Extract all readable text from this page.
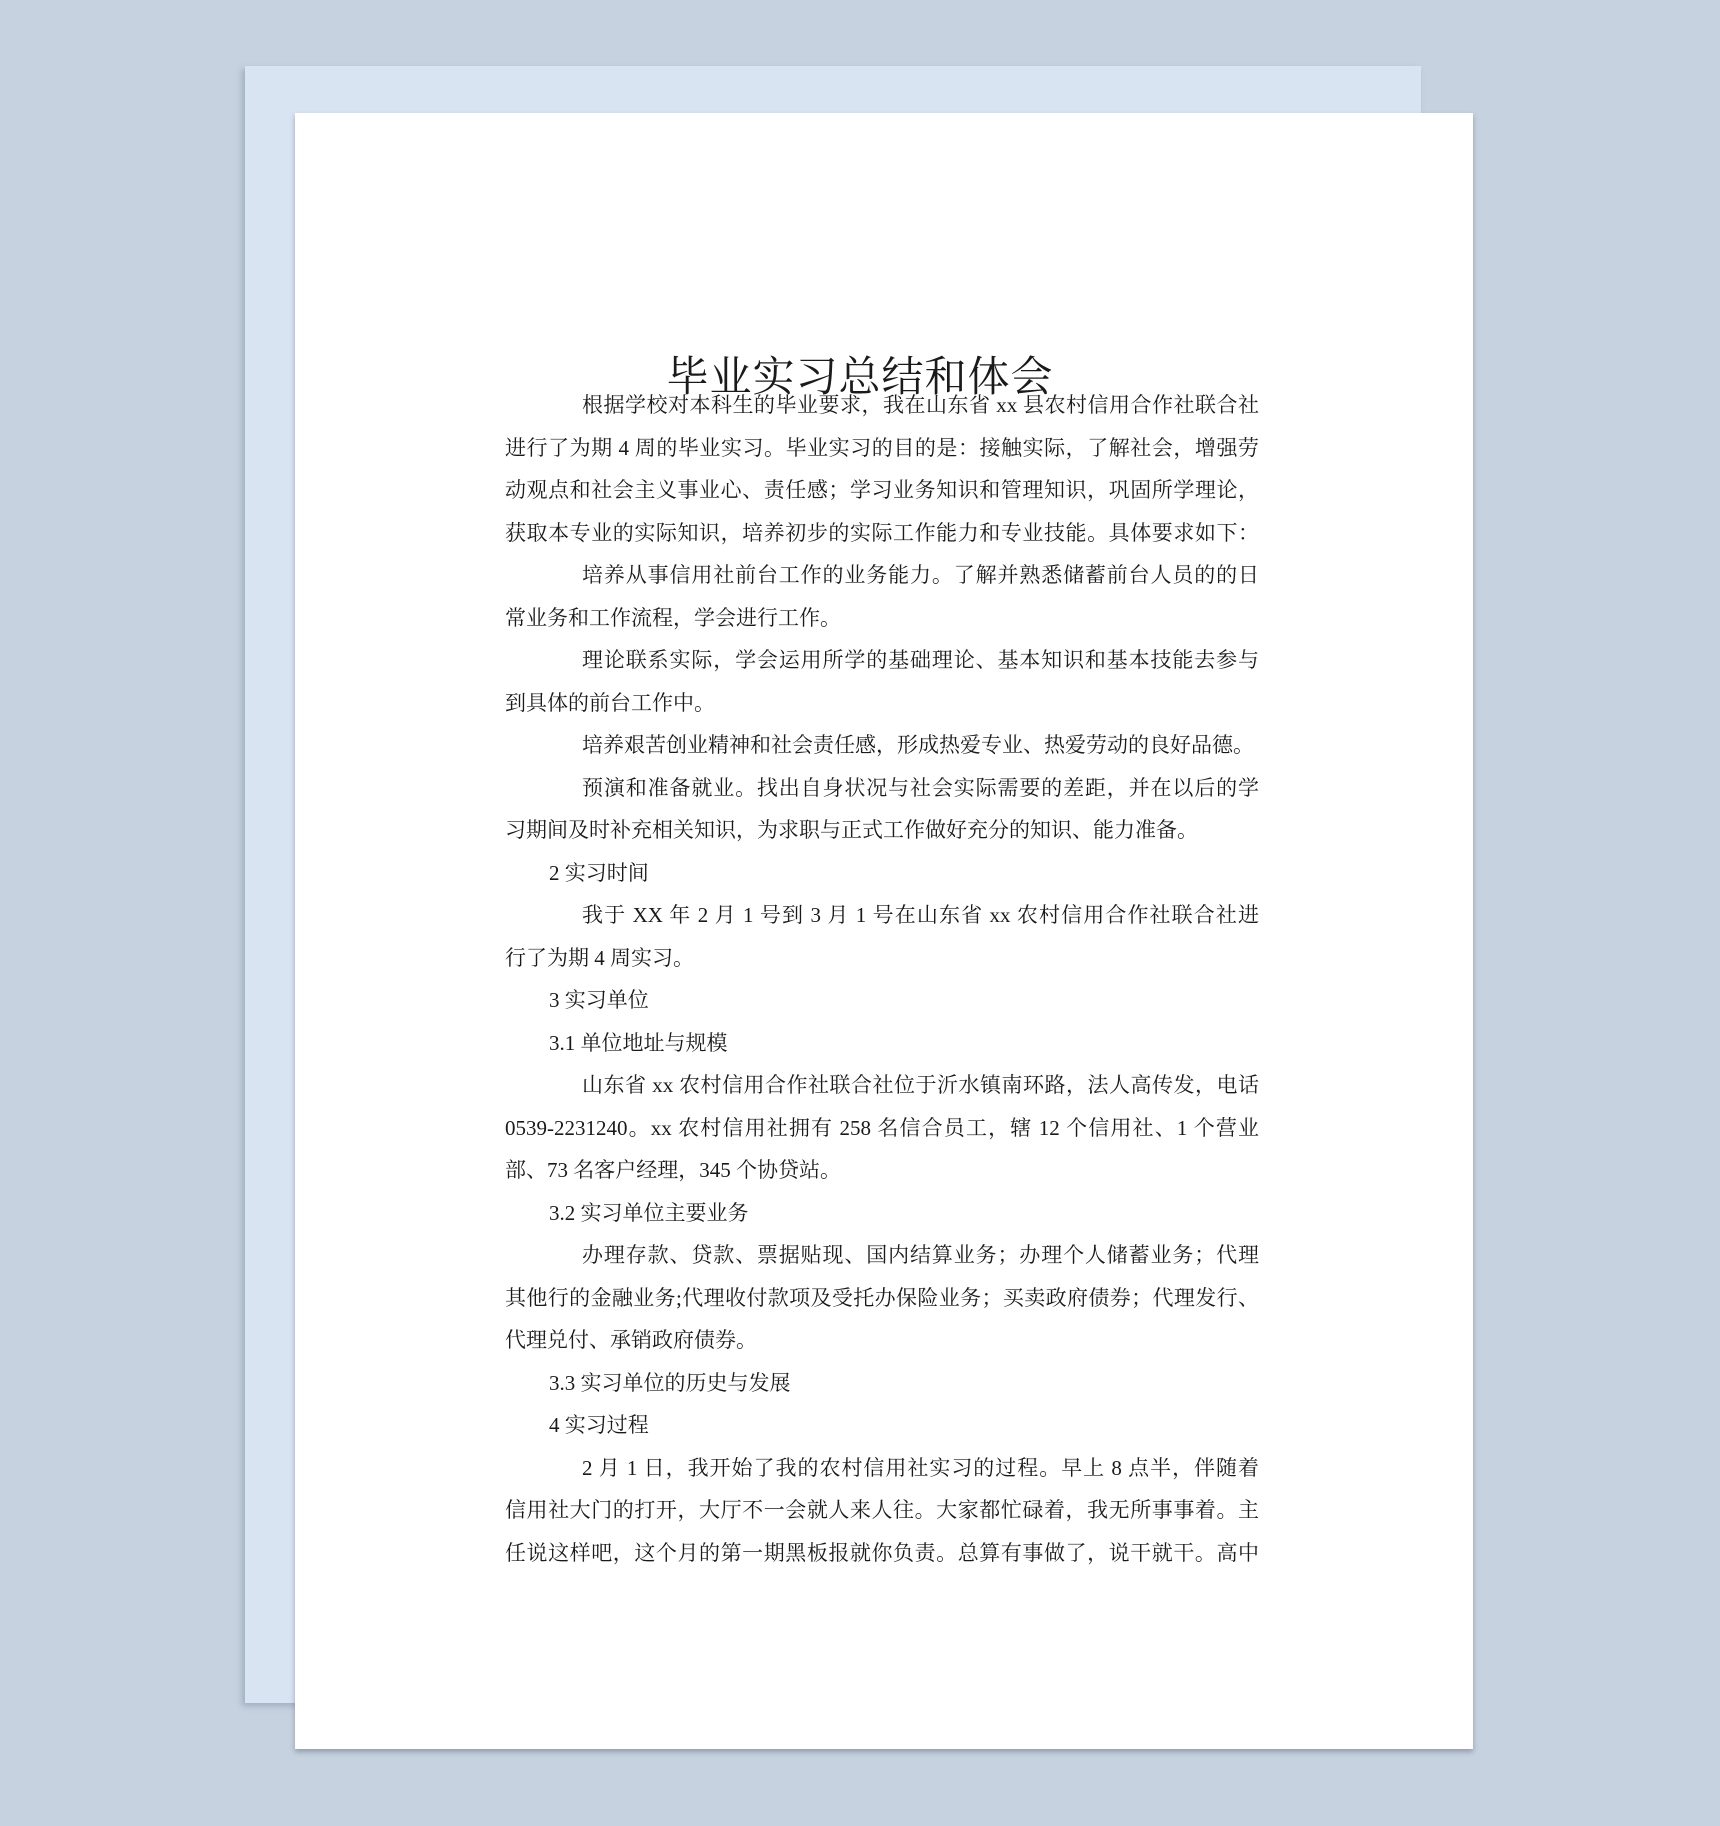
毕业实习总结和体会
根据学校对本科生的毕业要求，我在山东省 xx 县农村信用合作社联合社
进行了为期 4 周的毕业实习。毕业实习的目的是：接触实际，了解社会，增强劳
动观点和社会主义事业心、责任感；学习业务知识和管理知识，巩固所学理论，
获取本专业的实际知识，培养初步的实际工作能力和专业技能。具体要求如下：
培养从事信用社前台工作的业务能力。了解并熟悉储蓄前台人员的的日
常业务和工作流程，学会进行工作。
理论联系实际，学会运用所学的基础理论、基本知识和基本技能去参与
到具体的前台工作中。
培养艰苦创业精神和社会责任感，形成热爱专业、热爱劳动的良好品德。
预演和准备就业。找出自身状况与社会实际需要的差距，并在以后的学
习期间及时补充相关知识，为求职与正式工作做好充分的知识、能力准备。
2 实习时间
我于 XX 年 2 月 1 号到 3 月 1 号在山东省 xx 农村信用合作社联合社进
行了为期 4 周实习。
3 实习单位
3.1 单位地址与规模
山东省 xx 农村信用合作社联合社位于沂水镇南环路，法人高传发，电话
0539-2231240。xx 农村信用社拥有 258 名信合员工，辖 12 个信用社、1 个营业
部、73 名客户经理，345 个协贷站。
3.2 实习单位主要业务
办理存款、贷款、票据贴现、国内结算业务；办理个人储蓄业务；代理
其他行的金融业务;代理收付款项及受托办保险业务；买卖政府债券；代理发行、
代理兑付、承销政府债券。
3.3 实习单位的历史与发展
4 实习过程
2 月 1 日，我开始了我的农村信用社实习的过程。早上 8 点半，伴随着
信用社大门的打开，大厅不一会就人来人往。大家都忙碌着，我无所事事着。主
任说这样吧，这个月的第一期黑板报就你负责。总算有事做了，说干就干。高中
